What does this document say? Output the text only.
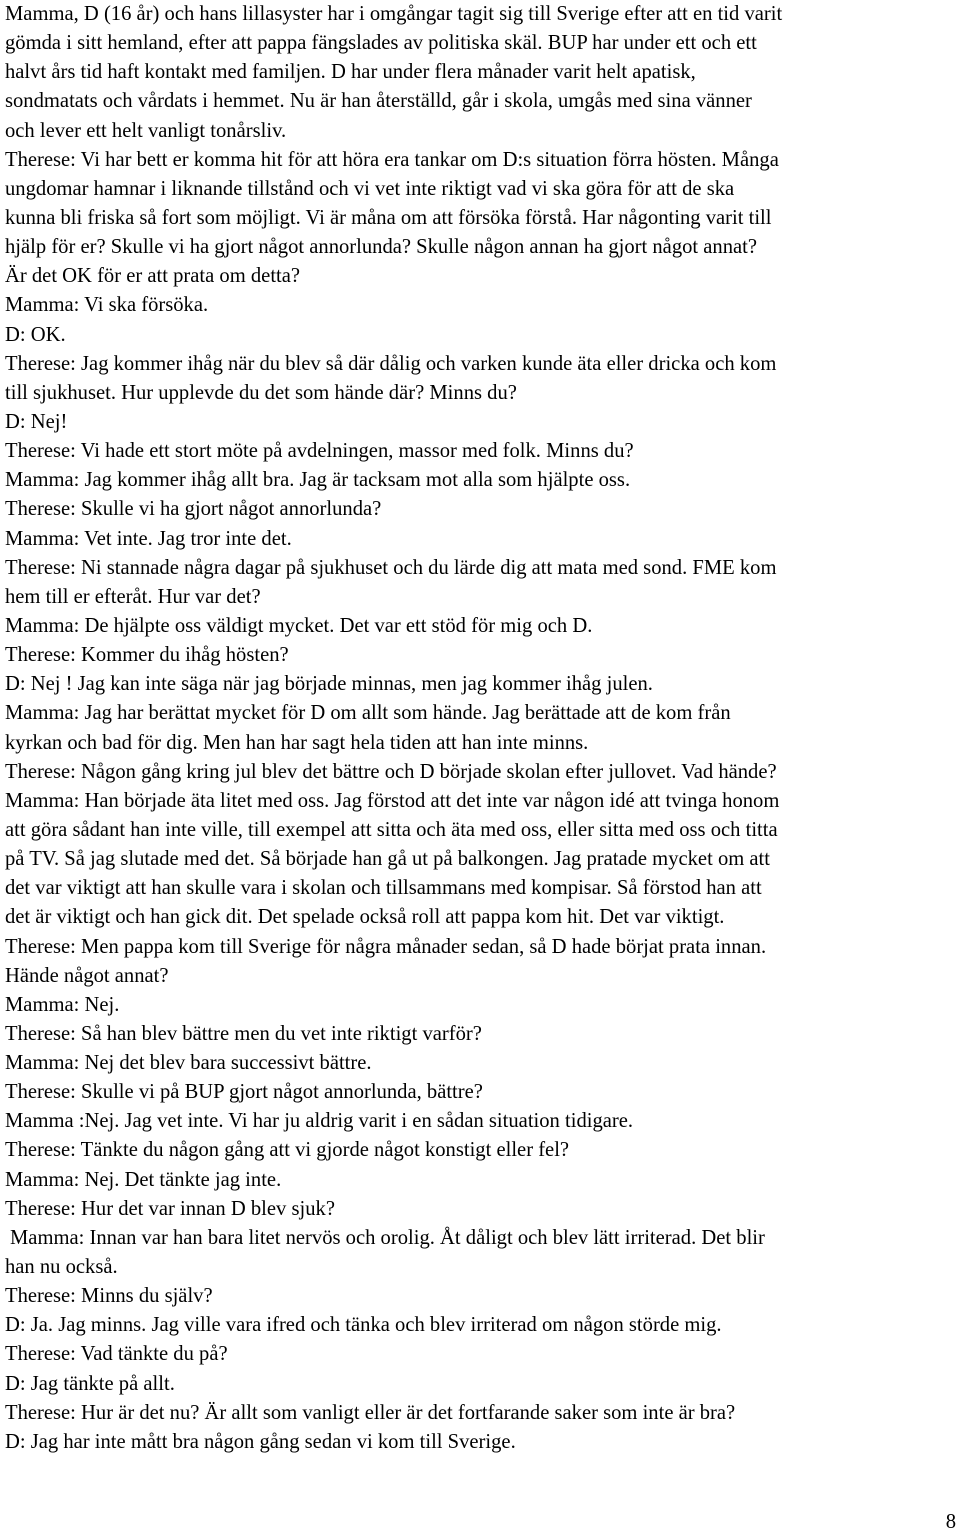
Mamma, D (16 år) och hans lillasyster har i omgångar tagit sig till Sverige efter att en tid varit
gömda i sitt hemland, efter att pappa fängslades av politiska skäl. BUP har under ett och ett
halvt års tid haft kontakt med familjen. D har under flera månader varit helt apatisk,
sondmatats och vårdats i hemmet. Nu är han återställd, går i skola, umgås med sina vänner
och lever ett helt vanligt tonårsliv.
Therese: Vi har bett er komma hit för att höra era tankar om D:s situation förra hösten. Många
ungdomar hamnar i liknande tillstånd och vi vet inte riktigt vad vi ska göra för att de ska
kunna bli friska så fort som möjligt. Vi är måna om att försöka förstå. Har någonting varit till
hjälp för er? Skulle vi ha gjort något annorlunda? Skulle någon annan ha gjort något annat?
Är det OK för er att prata om detta?
Mamma: Vi ska försöka.
D: OK.
Therese: Jag kommer ihåg när du blev så där dålig och varken kunde äta eller dricka och kom
till sjukhuset. Hur upplevde du det som hände där? Minns du?
D: Nej!
Therese: Vi hade ett stort möte på avdelningen, massor med folk. Minns du?
Mamma: Jag kommer ihåg allt bra. Jag är tacksam mot alla som hjälpte oss.
Therese: Skulle vi ha gjort något annorlunda?
Mamma: Vet inte. Jag tror inte det.
Therese: Ni stannade några dagar på sjukhuset och du lärde dig att mata med sond. FME kom
hem till er efteråt. Hur var det?
Mamma: De hjälpte oss väldigt mycket. Det var ett stöd för mig och D.
Therese: Kommer du ihåg hösten?
D: Nej ! Jag kan inte säga när jag började minnas, men jag kommer ihåg julen.
Mamma: Jag har berättat mycket för D om allt som hände. Jag berättade att de kom från
kyrkan och bad för dig. Men han har sagt hela tiden att han inte minns.
Therese: Någon gång kring jul blev det bättre och D började skolan efter jullovet. Vad hände?
Mamma: Han började äta litet med oss. Jag förstod att det inte var någon idé att tvinga honom
att göra sådant han inte ville, till exempel att sitta och äta med oss, eller sitta med oss och titta
på TV. Så jag slutade med det. Så började han gå ut på balkongen. Jag pratade mycket om att
det var viktigt att han skulle vara i skolan och tillsammans med kompisar. Så förstod han att
det är viktigt och han gick dit. Det spelade också roll att pappa kom hit. Det var viktigt.
Therese: Men pappa kom till Sverige för några månader sedan, så D hade börjat prata innan.
Hände något annat?
Mamma: Nej.
Therese: Så han blev bättre men du vet inte riktigt varför?
Mamma: Nej det blev bara successivt bättre.
Therese: Skulle vi på BUP gjort något annorlunda, bättre?
Mamma :Nej. Jag vet inte. Vi har ju aldrig varit i en sådan situation tidigare.
Therese: Tänkte du någon gång att vi gjorde något konstigt eller fel?
Mamma: Nej. Det tänkte jag inte.
Therese: Hur det var innan D blev sjuk?
Mamma: Innan var han bara litet nervös och orolig. Åt dåligt och blev lätt irriterad. Det blir
han nu också.
Therese: Minns du själv?
D: Ja. Jag minns. Jag ville vara ifred och tänka och blev irriterad om någon störde mig.
Therese: Vad tänkte du på?
D: Jag tänkte på allt.
Therese: Hur är det nu? Är allt som vanligt eller är det fortfarande saker som inte är bra?
D: Jag har inte mått bra någon gång sedan vi kom till Sverige.
8
